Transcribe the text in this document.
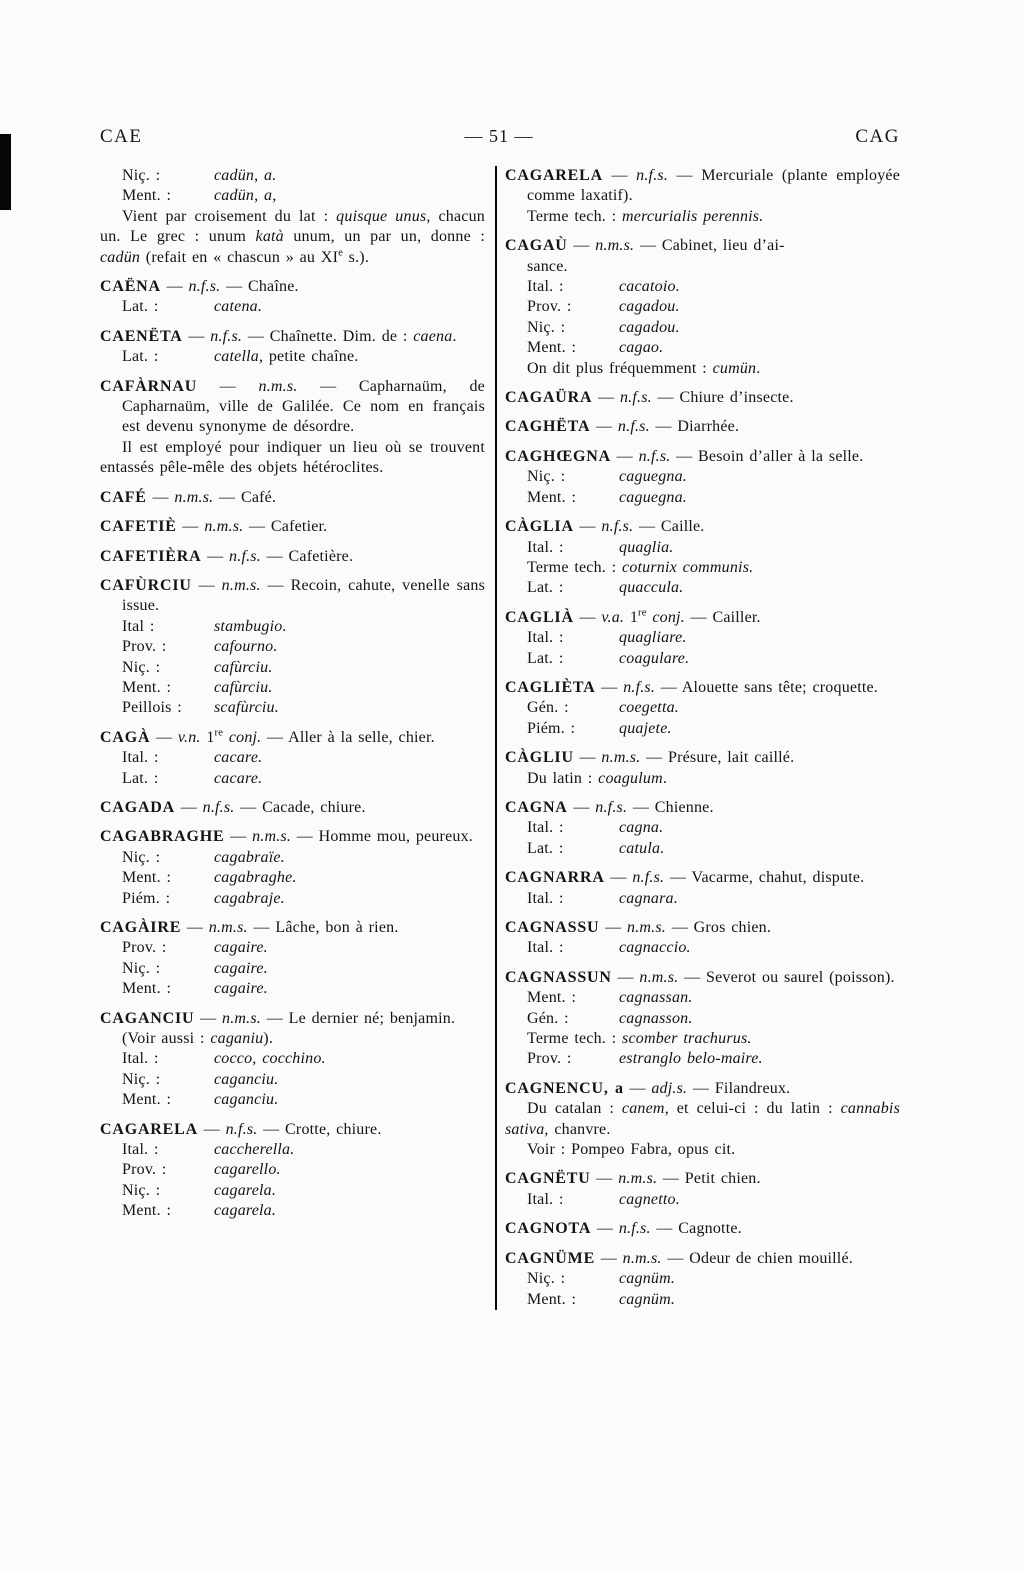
CAE	— 51 —	CAG

Niç. :	cadün, a.

Ment. :	cadün, a,

Vient par croisement du lat : quisque unus, chacun un. Le grec : unum katà unum, un par un, donne : cadün (refait en « chascun » au XIe s.).

CAËNA — n.f.s. — Chaîne.

Lat. :	catena.

CAENËTA — n.f.s. — Chaînette. Dim. de : caena.

Lat. :	catella, petite chaîne.

CAFÀRNAU — n.m.s. — Capharnaüm, de Capharnaüm, ville de Galilée. Ce nom en français est devenu synonyme de désordre.

Il est employé pour indiquer un lieu où se trouvent entassés pêle-mêle des objets hétéroclites.

CAFÉ — n.m.s. — Café.

CAFETIÈ — n.m.s. — Cafetier.

CAFETIÈRA — n.f.s. — Cafetière.

CAFÙRCIU — n.m.s. — Recoin, cahute, venelle sans issue.

Ital :	stambugio.

Prov. :	cafourno.

Niç. :	cafùrciu.

Ment. :	cafùrciu.

Peillois : scafùrciu.

CAGÀ — v.n. 1re conj. — Aller à la selle, chier.

Ital. :	cacare.

Lat. :	cacare.

CAGADA — n.f.s. — Cacade, chiure.

CAGABRAGHE — n.m.s. — Homme mou, peureux.

Niç. :	cagabraïe.

Ment. :	cagabraghe.

Piém. :	cagabraje.

CAGÀIRE — n.m.s. — Lâche, bon à rien.

Prov. :	cagaire.

Niç. :	cagaire.

Ment. :	cagaire.

CAGANCIU — n.m.s. — Le dernier né; benjamin.

(Voir aussi : caganiu).

Ital. :	cocco, cocchino.

Niç. :	caganciu.

Ment. :	caganciu.

CAGARELA — n.f.s. — Crotte, chiure.

Ital. :	caccherella.

Prov. :	cagarello.

Niç. :	cagarela.

Ment. :	cagarela.

CAGARELA — n.f.s. — Mercuriale (plante employée comme laxatif).

Terme tech. : mercurialis perennis.

CAGAÙ — n.m.s. — Cabinet, lieu d’ai-
sance.

Ital. :	cacatoio.

Prov. :	cagadou.

Niç. :	cagadou.

Ment. :	cagao.

On dit plus fréquemment : cumün.

CAGAÜRA — n.f.s. — Chiure d’insecte.

CAGHËTA — n.f.s. — Diarrhée.

CAGHŒGNA — n.f.s. — Besoin d’aller à la selle.

Niç. :	caguegna.

Ment. :	caguegna.

CÀGLIA — n.f.s. — Caille.

Ital. :	quaglia.

Terme tech. : coturnix communis.

Lat. :	quaccula.

CAGLIÀ — v.a. 1re conj. — Cailler.

Ital. :	quagliare.

Lat. :	coagulare.

CAGLIÈTA — n.f.s. — Alouette sans tête; croquette.

Gén. :	coegetta.

Piém. :	quajete.

CÀGLIU — n.m.s. — Présure, lait caillé.

Du latin : coagulum.

CAGNA — n.f.s. — Chienne.

Ital. :	cagna.

Lat. :	catula.

CAGNARRA — n.f.s. — Vacarme, chahut, dispute.

Ital. :	cagnara.

CAGNASSU — n.m.s. — Gros chien.

Ital. :	cagnaccio.

CAGNASSUN — n.m.s. — Severot ou saurel (poisson).

Ment. :	cagnassan.

Gén. :	cagnasson.

Terme tech. : scomber trachurus.

Prov. :	estranglo belo-maire.

CAGNENCU, a — adj.s. — Filandreux.

Du catalan : canem, et celui-ci : du latin : cannabis sativa, chanvre.

Voir : Pompeo Fabra, opus cit.

CAGNËTU — n.m.s. — Petit chien.

Ital. :	cagnetto.

CAGNOTA — n.f.s. — Cagnotte.

CAGNÜME — n.m.s. — Odeur de chien mouillé.

Niç. :	cagnüm.

Ment. :	cagnüm.
